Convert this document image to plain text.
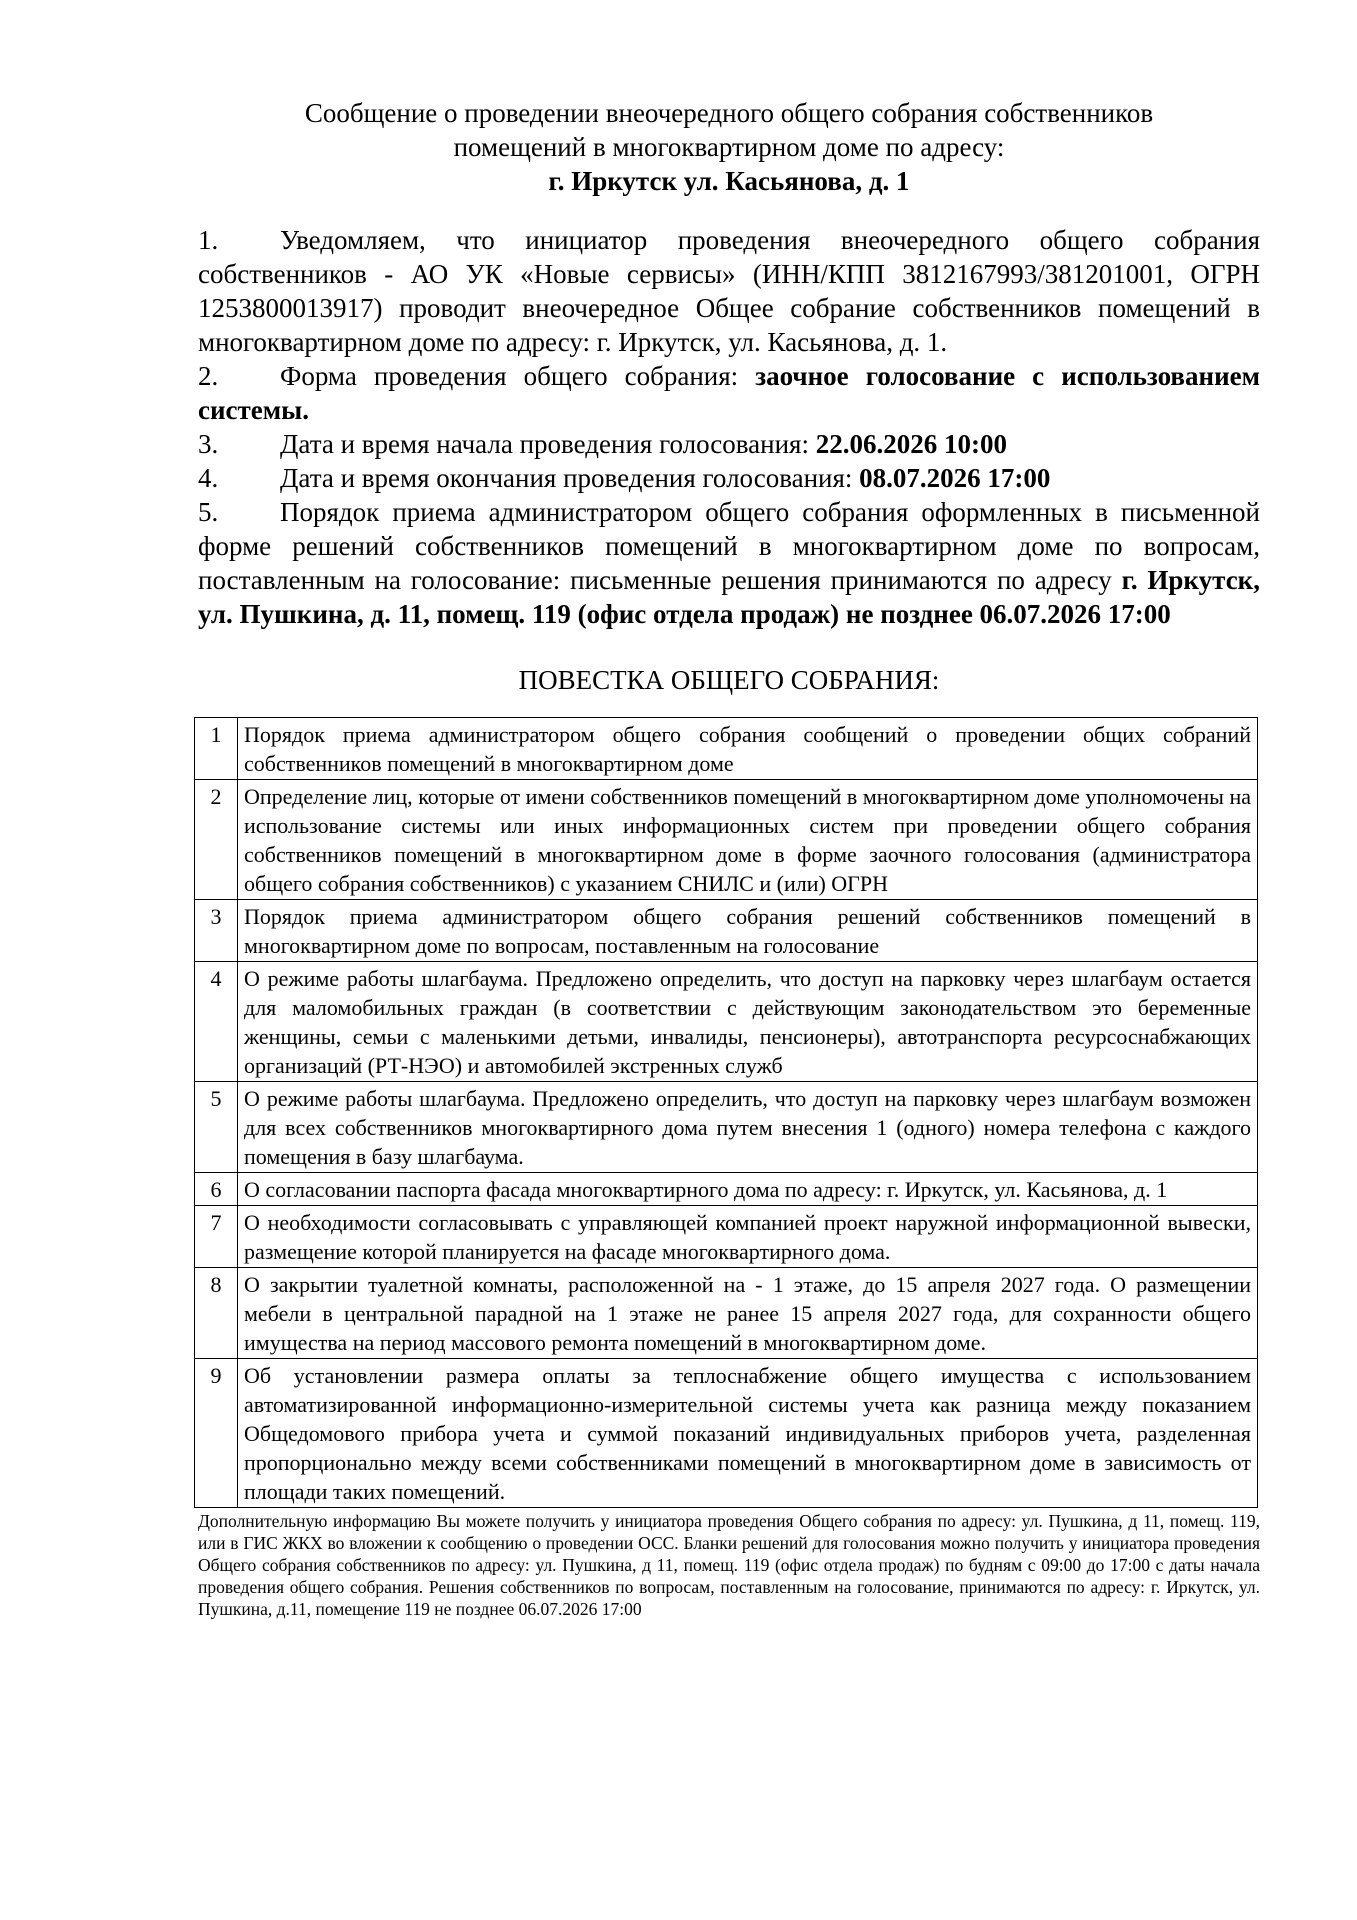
Сообщение о проведении внеочередного общего собрания собственников
помещений в многоквартирном доме по адресу:
г. Иркутск ул. Касьянова, д. 1
1. Уведомляем, что инициатор проведения внеочередного общего собрания собственников - АО УК «Новые сервисы» (ИНН/КПП 3812167993/381201001, ОГРН 1253800013917) проводит внеочередное Общее собрание собственников помещений в многоквартирном доме по адресу: г. Иркутск, ул. Касьянова, д. 1.
2. Форма проведения общего собрания: заочное голосование с использованием системы.
3. Дата и время начала проведения голосования: 22.06.2026 10:00
4. Дата и время окончания проведения голосования: 08.07.2026 17:00
5. Порядок приема администратором общего собрания оформленных в письменной форме решений собственников помещений в многоквартирном доме по вопросам, поставленным на голосование: письменные решения принимаются по адресу г. Иркутск, ул. Пушкина, д. 11, помещ. 119 (офис отдела продаж) не позднее 06.07.2026 17:00
ПОВЕСТКА ОБЩЕГО СОБРАНИЯ:
1	Порядок приема администратором общего собрания сообщений о проведении общих собраний собственников помещений в многоквартирном доме
2	Определение лиц, которые от имени собственников помещений в многоквартирном доме уполномочены на использование системы или иных информационных систем при проведении общего собрания собственников помещений в многоквартирном доме в форме заочного голосования (администратора общего собрания собственников) с указанием СНИЛС и (или) ОГРН
3	Порядок приема администратором общего собрания решений собственников помещений в многоквартирном доме по вопросам, поставленным на голосование
4	О режиме работы шлагбаума. Предложено определить, что доступ на парковку через шлагбаум остается для маломобильных граждан (в соответствии с действующим законодательством это беременные женщины, семьи с маленькими детьми, инвалиды, пенсионеры), автотранспорта ресурсоснабжающих организаций (РТ-НЭО) и автомобилей экстренных служб
5	О режиме работы шлагбаума. Предложено определить, что доступ на парковку через шлагбаум возможен для всех собственников многоквартирного дома путем внесения 1 (одного) номера телефона с каждого помещения в базу шлагбаума.
6	О согласовании паспорта фасада многоквартирного дома по адресу: г. Иркутск, ул. Касьянова, д. 1
7	О необходимости согласовывать с управляющей компанией проект наружной информационной вывески, размещение которой планируется на фасаде многоквартирного дома.
8	О закрытии туалетной комнаты, расположенной на - 1 этаже, до 15 апреля 2027 года. О размещении мебели в центральной парадной на 1 этаже не ранее 15 апреля 2027 года, для сохранности общего имущества на период массового ремонта помещений в многоквартирном доме.
9	Об установлении размера оплаты за теплоснабжение общего имущества с использованием автоматизированной информационно-измерительной системы учета как разница между показанием Общедомового прибора учета и суммой показаний индивидуальных приборов учета, разделенная пропорционально между всеми собственниками помещений в многоквартирном доме в зависимость от площади таких помещений.
Дополнительную информацию Вы можете получить у инициатора проведения Общего собрания по адресу: ул. Пушкина, д 11, помещ. 119, или в ГИС ЖКХ во вложении к сообщению о проведении ОСС. Бланки решений для голосования можно получить у инициатора проведения Общего собрания собственников по адресу: ул. Пушкина, д 11, помещ. 119 (офис отдела продаж) по будням с 09:00 до 17:00 с даты начала проведения общего собрания. Решения собственников по вопросам, поставленным на голосование, принимаются по адресу: г. Иркутск, ул. Пушкина, д.11, помещение 119 не позднее 06.07.2026 17:00
